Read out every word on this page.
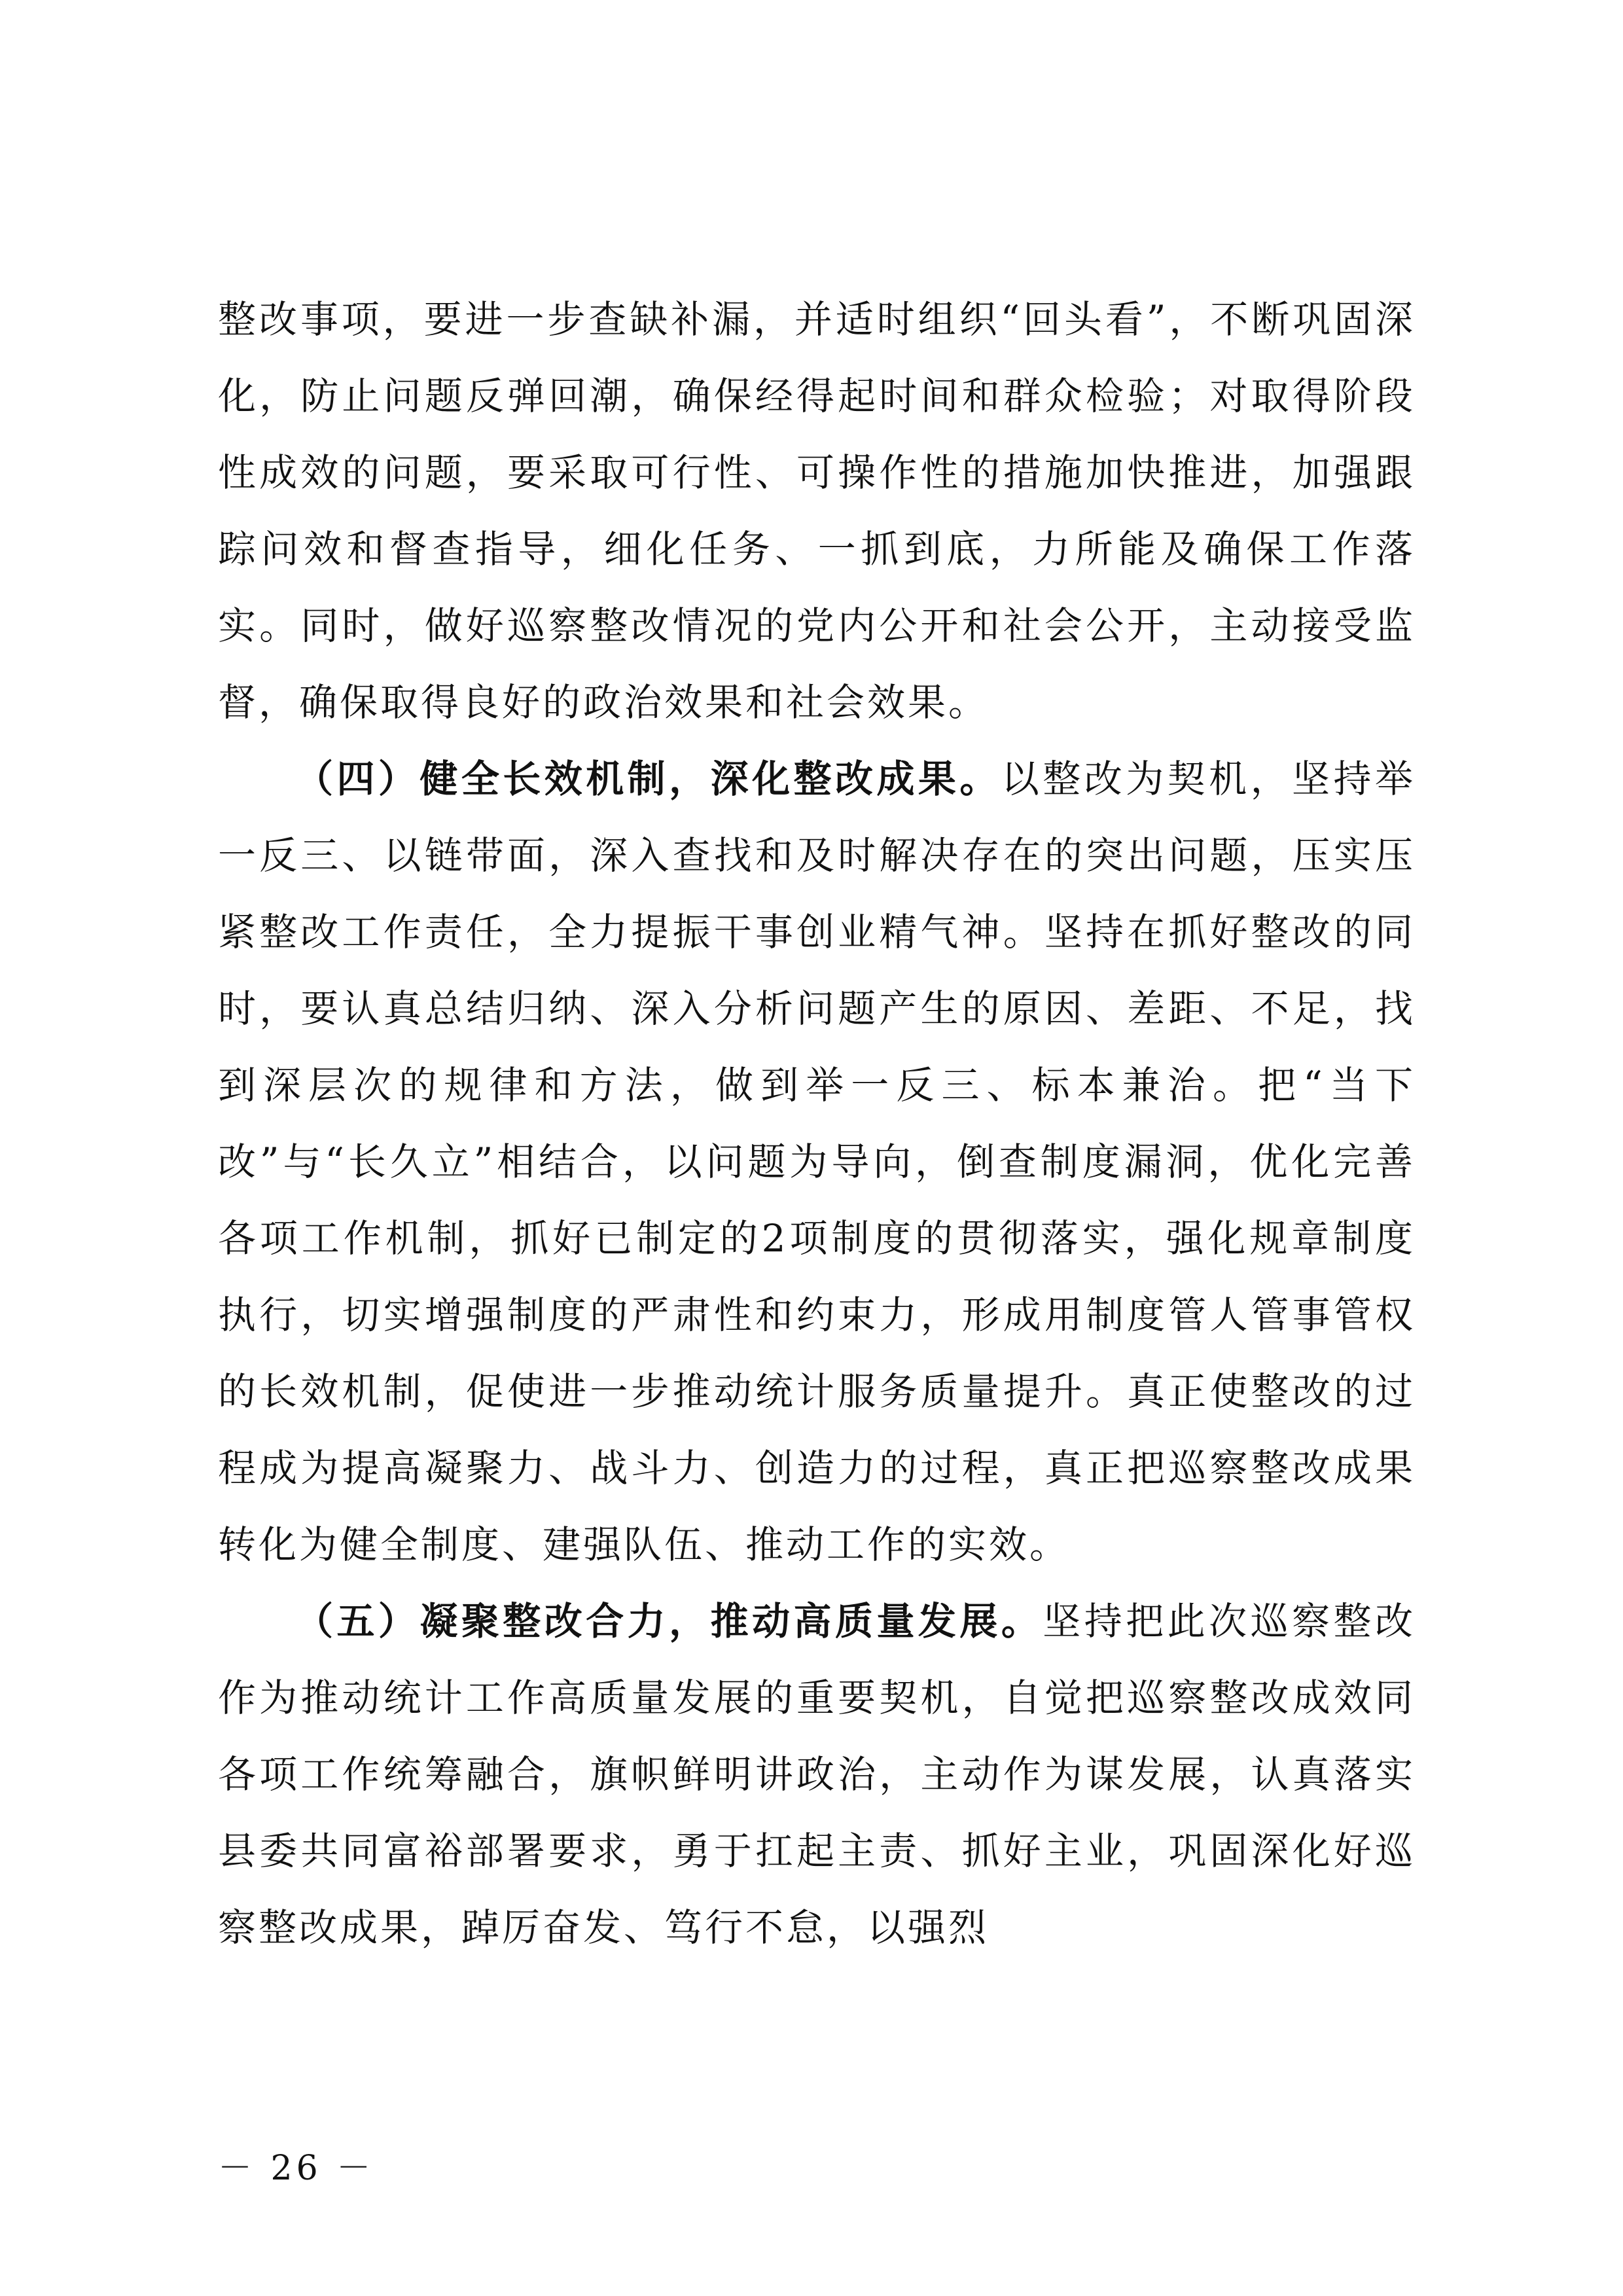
整改事项，要进一步查缺补漏，并适时组织“回头看”，不断巩固深化，防止问题反弹回潮，确保经得起时间和群众检验；对取得阶段性成效的问题，要采取可行性、可操作性的措施加快推进，加强跟踪问效和督查指导，细化任务、一抓到底，力所能及确保工作落实。同时，做好巡察整改情况的党内公开和社会公开，主动接受监督，确保取得良好的政治效果和社会效果。

（四）健全长效机制，深化整改成果。以整改为契机，坚持举一反三、以链带面，深入查找和及时解决存在的突出问题，压实压紧整改工作责任，全力提振干事创业精气神。坚持在抓好整改的同时，要认真总结归纳、深入分析问题产生的原因、差距、不足，找到深层次的规律和方法，做到举一反三、标本兼治。把“当下改”与“长久立”相结合，以问题为导向，倒查制度漏洞，优化完善各项工作机制，抓好已制定的2项制度的贯彻落实，强化规章制度执行，切实增强制度的严肃性和约束力，形成用制度管人管事管权的长效机制，促使进一步推动统计服务质量提升。真正使整改的过程成为提高凝聚力、战斗力、创造力的过程，真正把巡察整改成果转化为健全制度、建强队伍、推动工作的实效。

（五）凝聚整改合力，推动高质量发展。坚持把此次巡察整改作为推动统计工作高质量发展的重要契机，自觉把巡察整改成效同各项工作统筹融合，旗帜鲜明讲政治，主动作为谋发展，认真落实县委共同富裕部署要求，勇于扛起主责、抓好主业，巩固深化好巡察整改成果，踔厉奋发、笃行不怠，以强烈

－ 26 －
